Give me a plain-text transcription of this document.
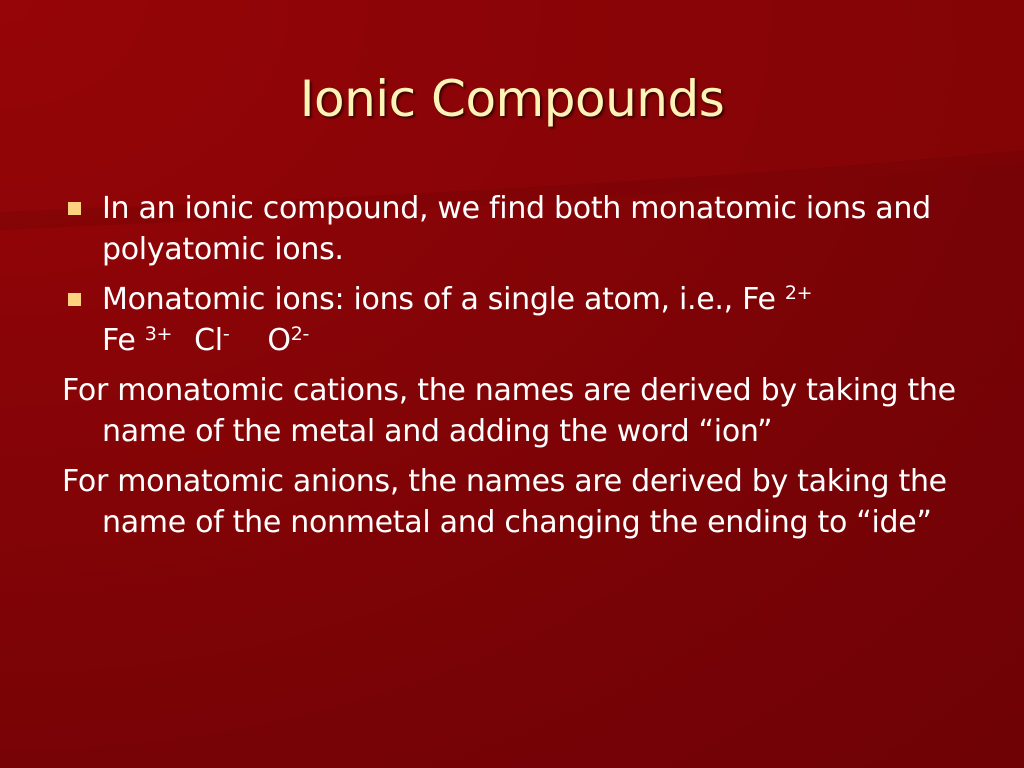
Ionic Compounds
In an ionic compound, we find both monatomic ions and polyatomic ions.
Monatomic ions: ions of a single atom, i.e., Fe $^{2+}$
Fe $^{3+}$ Cl- $O^{2-}$
For monatomic cations, the names are derived by taking the name of the metal and adding the word “ion”
For monatomic anions, the names are derived by taking the name of the nonmetal and changing the ending to “ide”
